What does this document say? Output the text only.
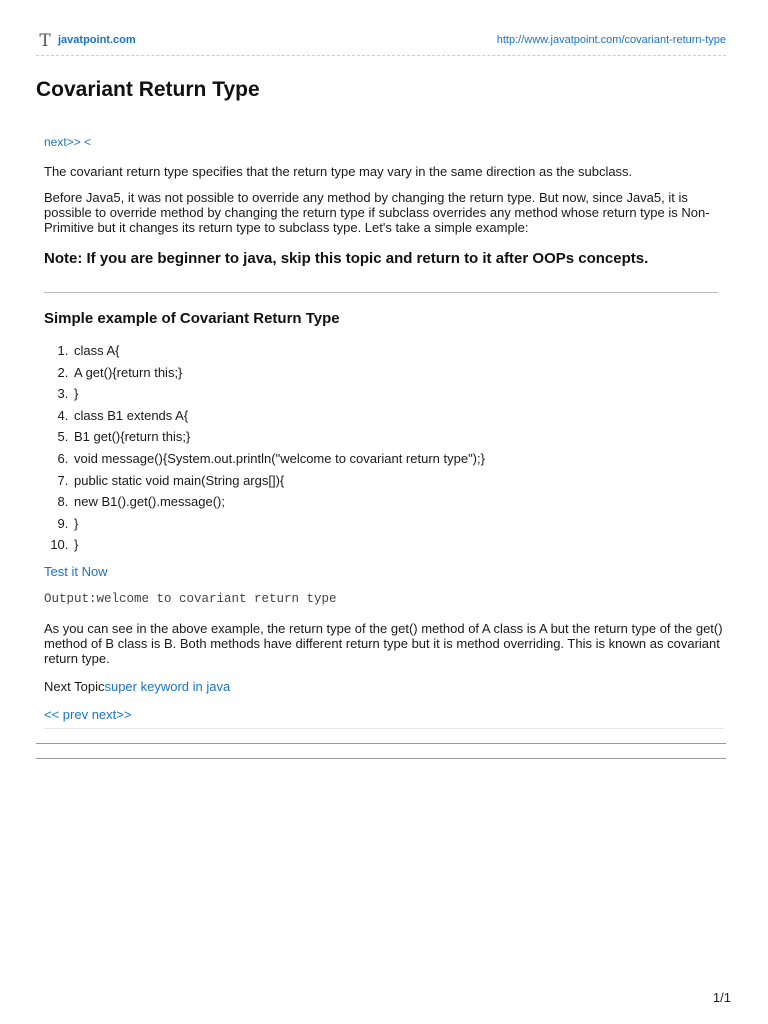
T javatpoint.com	http://www.javatpoint.com/covariant-return-type
Covariant Return Type
next>> <

The covariant return type specifies that the return type may vary in the same direction as the subclass.

Before Java5, it was not possible to override any method by changing the return type. But now, since Java5, it is possible to override method by changing the return type if subclass overrides any method whose return type is Non-Primitive but it changes its return type to subclass type. Let's take a simple example:

Note: If you are beginner to java, skip this topic and return to it after OOPs concepts.
Simple example of Covariant Return Type
1. class A{
2. A get(){return this;}
3. }
4. class B1 extends A{
5. B1 get(){return this;}
6. void message(){System.out.println("welcome to covariant return type");}
7. public static void main(String args[]){
8. new B1().get().message();
9. }
10. }
Test it Now
Output:welcome to covariant return type

As you can see in the above example, the return type of the get() method of A class is A but the return type of the get() method of B class is B. Both methods have different return type but it is method overriding. This is known as covariant return type.

Next Topicsuper keyword in java
<< prev next>>
1/1
